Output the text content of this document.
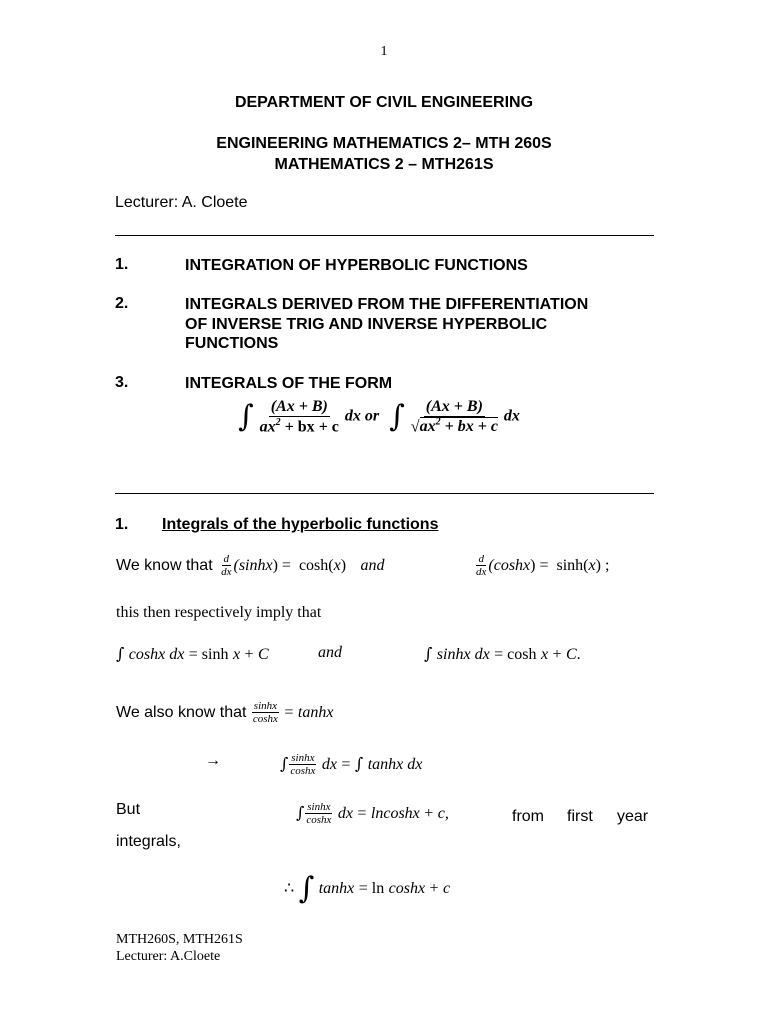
1
DEPARTMENT OF CIVIL ENGINEERING
ENGINEERING MATHEMATICS 2– MTH 260S
MATHEMATICS 2 – MTH261S
Lecturer: A. Cloete
1.	INTEGRATION OF HYPERBOLIC FUNCTIONS
2.	INTEGRALS DERIVED FROM THE DIFFERENTIATION
OF INVERSE TRIG AND INVERSE HYPERBOLIC
FUNCTIONS
3.	INTEGRALS OF THE FORM
∫ $\frac{(Ax + B)}{ax^2 + bx + c}$ dx or ∫ $\frac{(Ax + B)}{√ax^2 + bx + c}$ dx
1. Integrals of the hyperbolic functions
We know that $\frac{d}{dx} (\sinh x) = \cosh(x)$ and	$\frac{d}{dx} (\cosh x) = \sinh(x)$ ;
this then respectively imply that
∫ coshx dx = sinh x + C	and	∫ sinhx dx = cosh x + C.
We also know that $\frac{\sinh x}{\cosh x} = \tanh x$
→	∫ $\frac{\sinh x}{\cosh x}$ dx = ∫ tanhx dx
But	∫ $\frac{\sinh x}{\cosh x}$ dx = lncoshx + c,	from first year
integrals,
∴ ∫ tanhx = ln coshx + c
MTH260S, MTH261S
Lecturer: A.Cloete
